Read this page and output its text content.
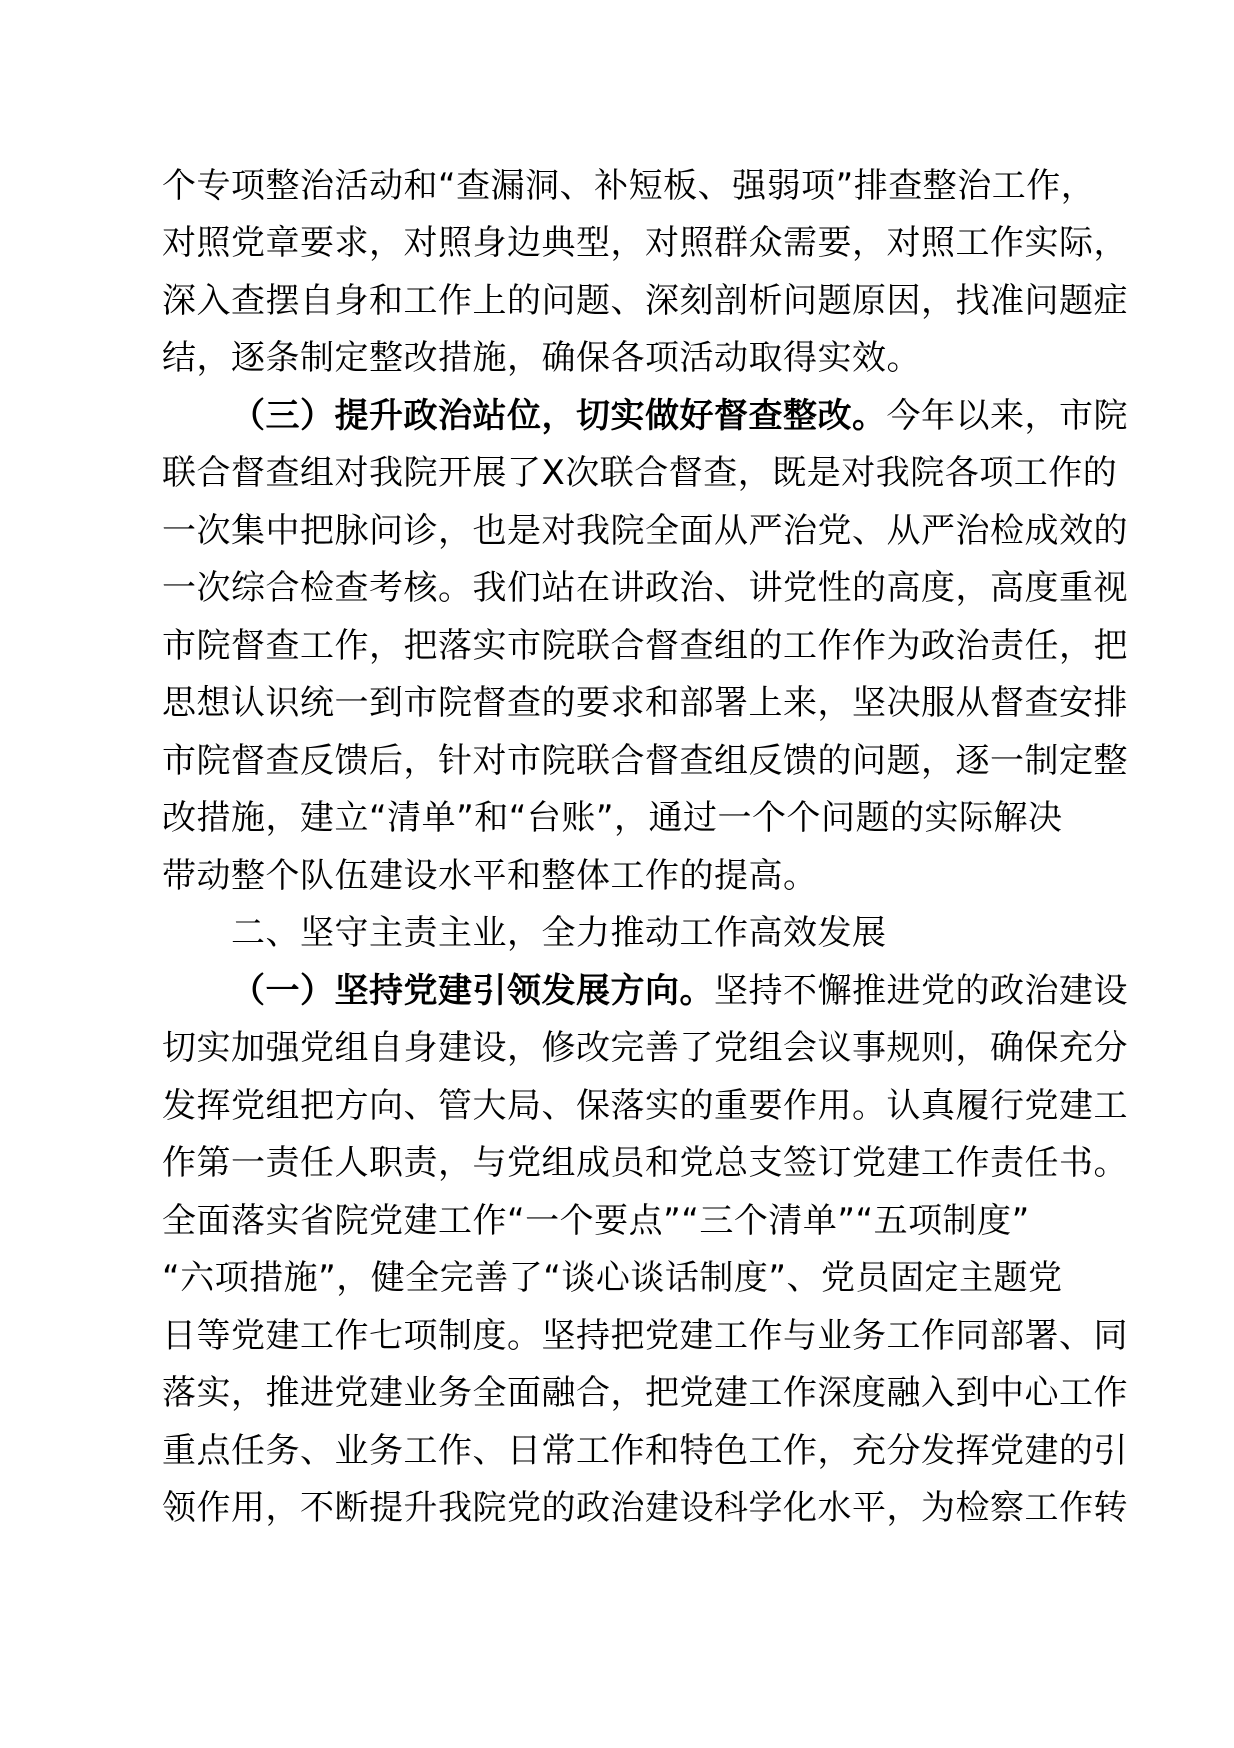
个专项整治活动和“查漏洞、补短板、强弱项”排查整治工作，
对照党章要求，对照身边典型，对照群众需要，对照工作实际，
深入查摆自身和工作上的问题、深刻剖析问题原因，找准问题症
结，逐条制定整改措施，确保各项活动取得实效。
（三）提升政治站位，切实做好督查整改。今年以来，市院
联合督查组对我院开展了X次联合督查，既是对我院各项工作的
一次集中把脉问诊，也是对我院全面从严治党、从严治检成效的
一次综合检查考核。我们站在讲政治、讲党性的高度，高度重视
市院督查工作，把落实市院联合督查组的工作作为政治责任，把
思想认识统一到市院督查的要求和部署上来，坚决服从督查安排
市院督查反馈后，针对市院联合督查组反馈的问题，逐一制定整
改措施，建立“清单”和“台账”，通过一个个问题的实际解决
带动整个队伍建设水平和整体工作的提高。
二、坚守主责主业，全力推动工作高效发展
（一）坚持党建引领发展方向。坚持不懈推进党的政治建设
切实加强党组自身建设，修改完善了党组会议事规则，确保充分
发挥党组把方向、管大局、保落实的重要作用。认真履行党建工
作第一责任人职责，与党组成员和党总支签订党建工作责任书。
全面落实省院党建工作“一个要点”“三个清单”“五项制度”
“六项措施”，健全完善了“谈心谈话制度”、党员固定主题党
日等党建工作七项制度。坚持把党建工作与业务工作同部署、同
落实，推进党建业务全面融合，把党建工作深度融入到中心工作
重点任务、业务工作、日常工作和特色工作，充分发挥党建的引
领作用，不断提升我院党的政治建设科学化水平，为检察工作转
